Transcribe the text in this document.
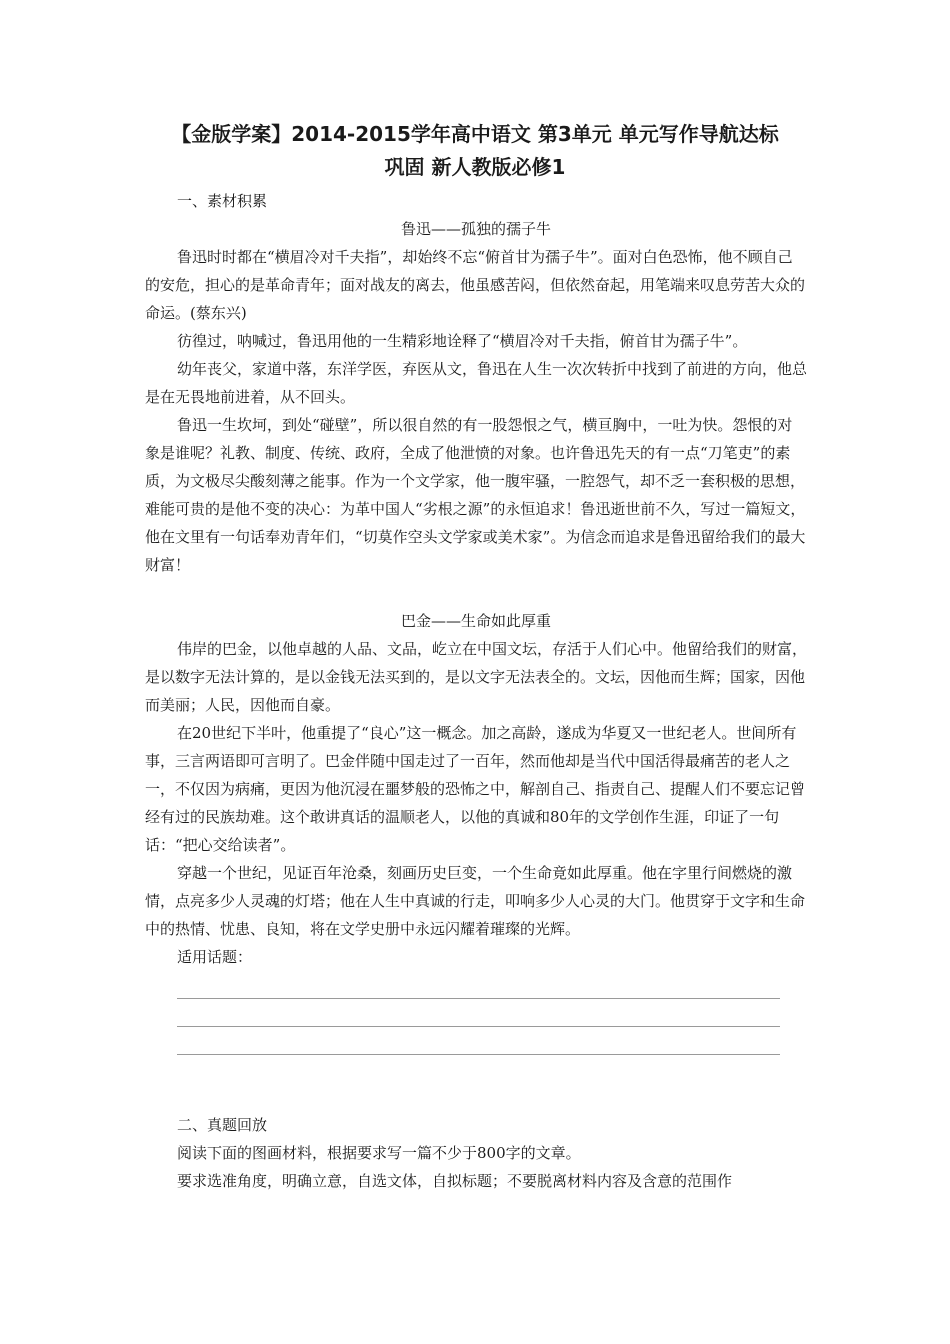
【金版学案】2014-2015学年高中语文 第3单元 单元写作导航达标
巩固 新人教版必修1
一、素材积累
鲁迅——孤独的孺子牛
鲁迅时时都在“横眉冷对千夫指”，却始终不忘“俯首甘为孺子牛”。面对白色恐怖，他不顾自己的安危，担心的是革命青年；面对战友的离去，他虽感苦闷，但依然奋起，用笔端来叹息劳苦大众的命运。(蔡东兴)
彷徨过，呐喊过，鲁迅用他的一生精彩地诠释了“横眉冷对千夫指，俯首甘为孺子牛”。
幼年丧父，家道中落，东洋学医，弃医从文，鲁迅在人生一次次转折中找到了前进的方向，他总是在无畏地前进着，从不回头。
鲁迅一生坎坷，到处“碰壁”，所以很自然的有一股怨恨之气，横亘胸中，一吐为快。怨恨的对象是谁呢？礼教、制度、传统、政府，全成了他泄愤的对象。也许鲁迅先天的有一点“刀笔吏”的素质，为文极尽尖酸刻薄之能事。作为一个文学家，他一腹牢骚，一腔怨气，却不乏一套积极的思想，难能可贵的是他不变的决心：为革中国人“劣根之源”的永恒追求！鲁迅逝世前不久，写过一篇短文，他在文里有一句话奉劝青年们，“切莫作空头文学家或美术家”。为信念而追求是鲁迅留给我们的最大财富！
巴金——生命如此厚重
伟岸的巴金，以他卓越的人品、文品，屹立在中国文坛，存活于人们心中。他留给我们的财富，是以数字无法计算的，是以金钱无法买到的，是以文字无法表全的。文坛，因他而生辉；国家，因他而美丽；人民，因他而自豪。
在20世纪下半叶，他重提了“良心”这一概念。加之高龄，遂成为华夏又一世纪老人。世间所有事，三言两语即可言明了。巴金伴随中国走过了一百年，然而他却是当代中国活得最痛苦的老人之一，不仅因为病痛，更因为他沉浸在噩梦般的恐怖之中，解剖自己、指责自己、提醒人们不要忘记曾经有过的民族劫难。这个敢讲真话的温顺老人，以他的真诚和80年的文学创作生涯，印证了一句话：“把心交给读者”。
穿越一个世纪，见证百年沧桑，刻画历史巨变，一个生命竟如此厚重。他在字里行间燃烧的激情，点亮多少人灵魂的灯塔；他在人生中真诚的行走，叩响多少人心灵的大门。他贯穿于文字和生命中的热情、忧患、良知，将在文学史册中永远闪耀着璀璨的光辉。
适用话题：
二、真题回放
阅读下面的图画材料，根据要求写一篇不少于800字的文章。
要求选准角度，明确立意，自选文体，自拟标题；不要脱离材料内容及含意的范围作
